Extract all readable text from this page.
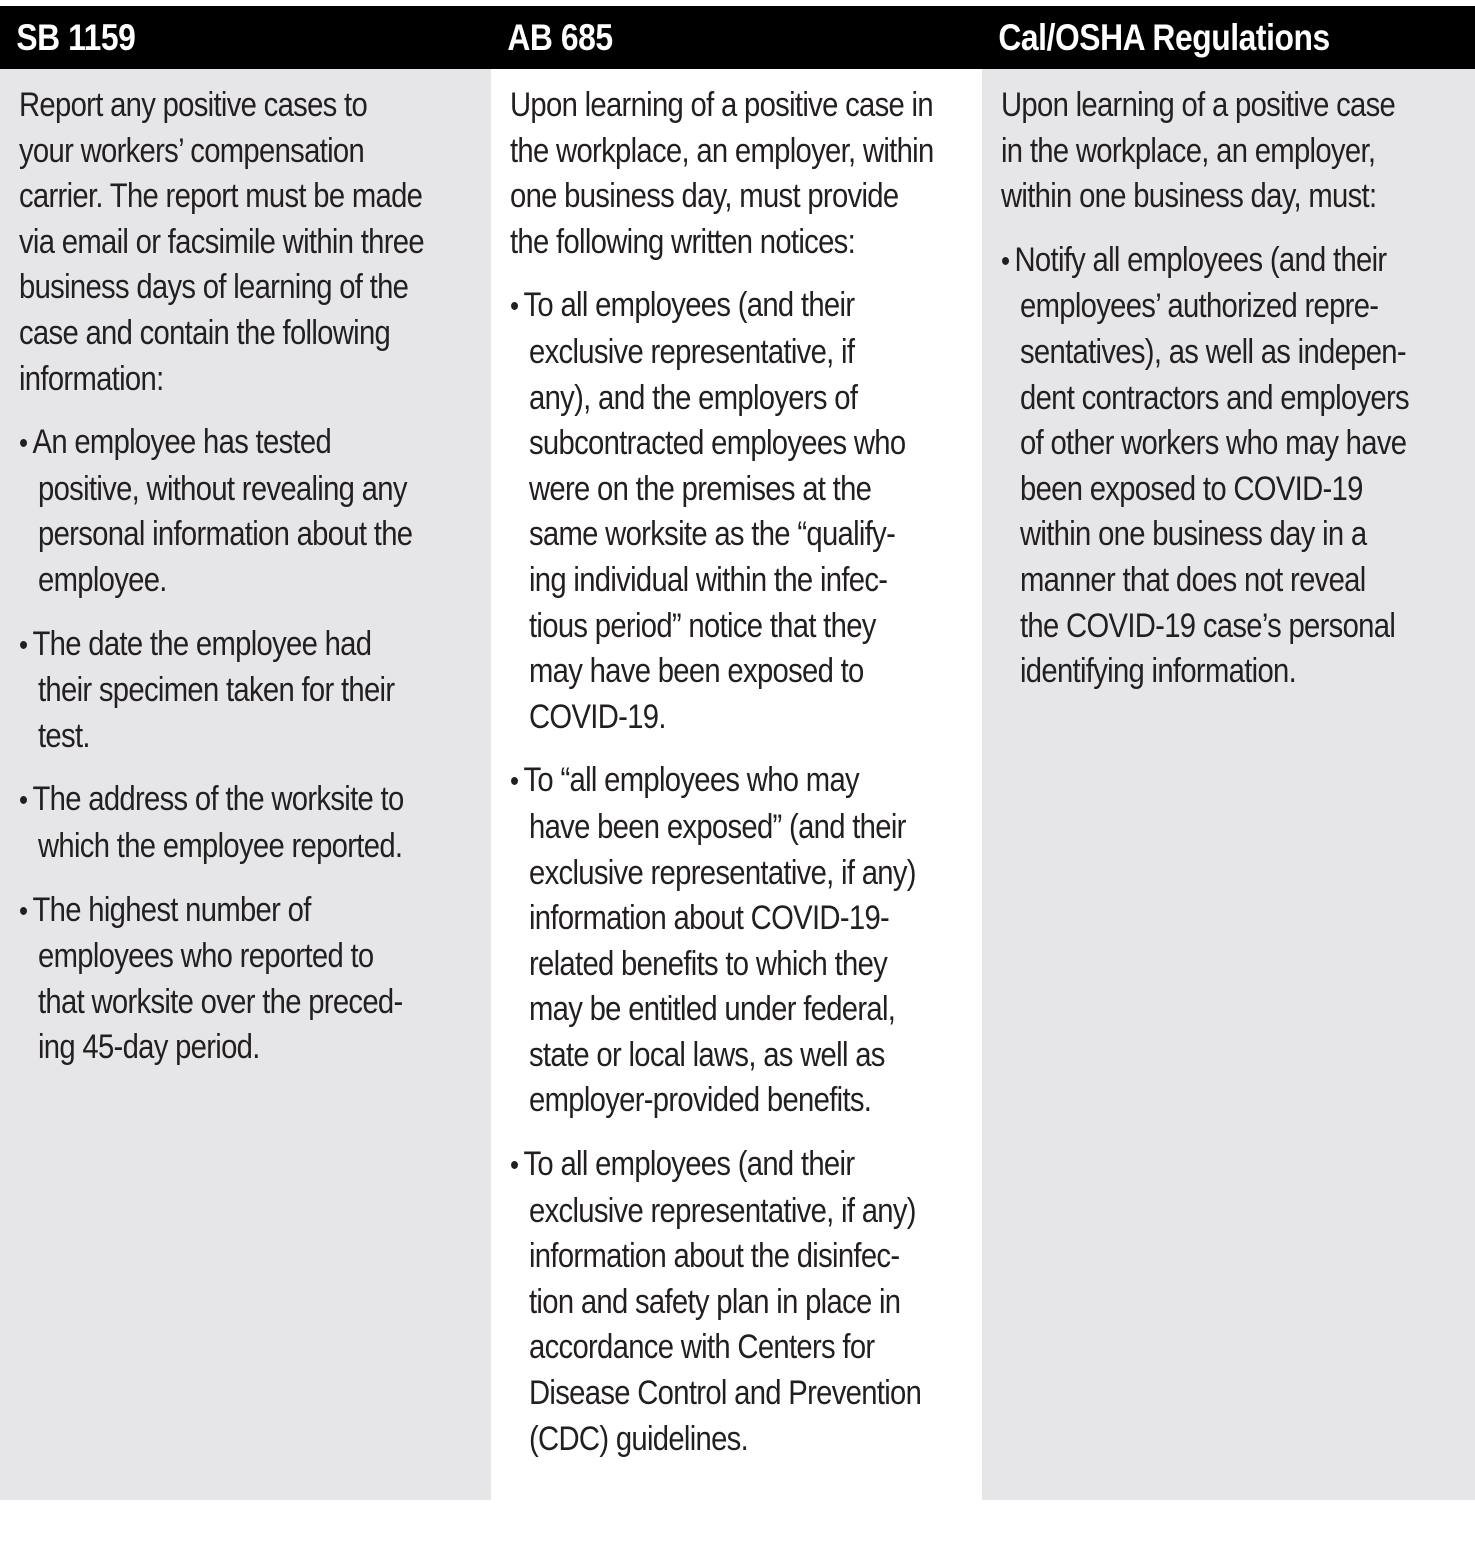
SB 1159	AB 685	Cal/OSHA Regulations

Report any positive cases to
your workers’ compensation
carrier. The report must be made
via email or facsimile within three
business days of learning of the
case and contain the following
information:

• An employee has tested
positive, without revealing any
personal information about the
employee.

• The date the employee had
their specimen taken for their
test.

• The address of the worksite to
which the employee reported.

• The highest number of
employees who reported to
that worksite over the preced-
ing 45-day period.

Upon learning of a positive case in
the workplace, an employer, within
one business day, must provide
the following written notices:

• To all employees (and their
exclusive representative, if
any), and the employers of
subcontracted employees who
were on the premises at the
same worksite as the “qualify-
ing individual within the infec-
tious period” notice that they
may have been exposed to
COVID-19.

• To “all employees who may
have been exposed” (and their
exclusive representative, if any)
information about COVID-19-
related benefits to which they
may be entitled under federal,
state or local laws, as well as
employer-provided benefits.

• To all employees (and their
exclusive representative, if any)
information about the disinfec-
tion and safety plan in place in
accordance with Centers for
Disease Control and Prevention
(CDC) guidelines.

Upon learning of a positive case
in the workplace, an employer,
within one business day, must:

• Notify all employees (and their
employees’ authorized repre-
sentatives), as well as indepen-
dent contractors and employers
of other workers who may have
been exposed to COVID-19
within one business day in a
manner that does not reveal
the COVID-19 case’s personal
identifying information.
